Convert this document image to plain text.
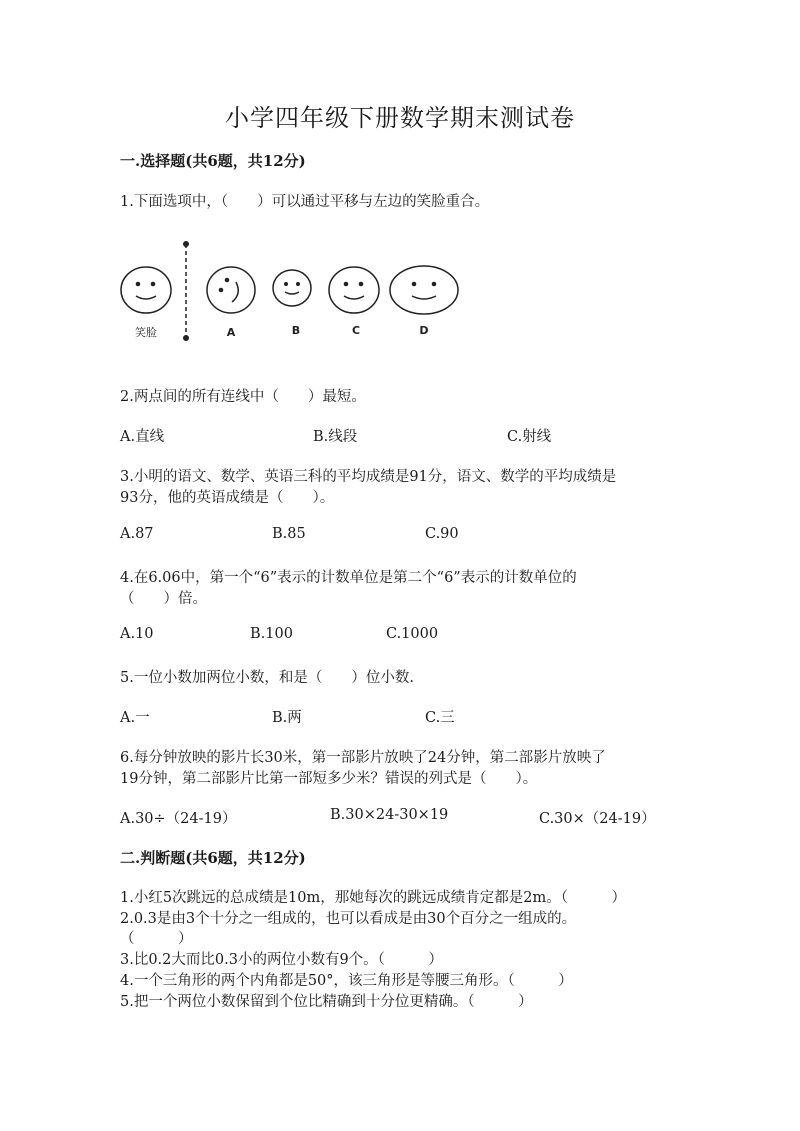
小学四年级下册数学期末测试卷
一.选择题(共6题，共12分)
1.下面选项中，（　　）可以通过平移与左边的笑脸重合。
笑脸	A	B	C	D
2.两点间的所有连线中（　　）最短。
A.直线	B.线段	C.射线
3.小明的语文、数学、英语三科的平均成绩是91分，语文、数学的平均成绩是
93分，他的英语成绩是（　　）。
A.87	B.85	C.90
4.在6.06中，第一个“6”表示的计数单位是第二个“6”表示的计数单位的
（　　）倍。
A.10	B.100	C.1000
5.一位小数加两位小数，和是（　　）位小数.
A.一	B.两	C.三
6.每分钟放映的影片长30米，第一部影片放映了24分钟，第二部影片放映了
19分钟，第二部影片比第一部短多少米？错误的列式是（　　）。
A.30÷（24-19）	B.30×24-30×19	C.30×（24-19）
二.判断题(共6题，共12分)
1.小红5次跳远的总成绩是10m，那她每次的跳远成绩肯定都是2m。（　　　）
2.0.3是由3个十分之一组成的，也可以看成是由30个百分之一组成的。
（　　　）
3.比0.2大而比0.3小的两位小数有9个。（　　　）
4.一个三角形的两个内角都是50°，该三角形是等腰三角形。（　　　）
5.把一个两位小数保留到个位比精确到十分位更精确。（　　　）
